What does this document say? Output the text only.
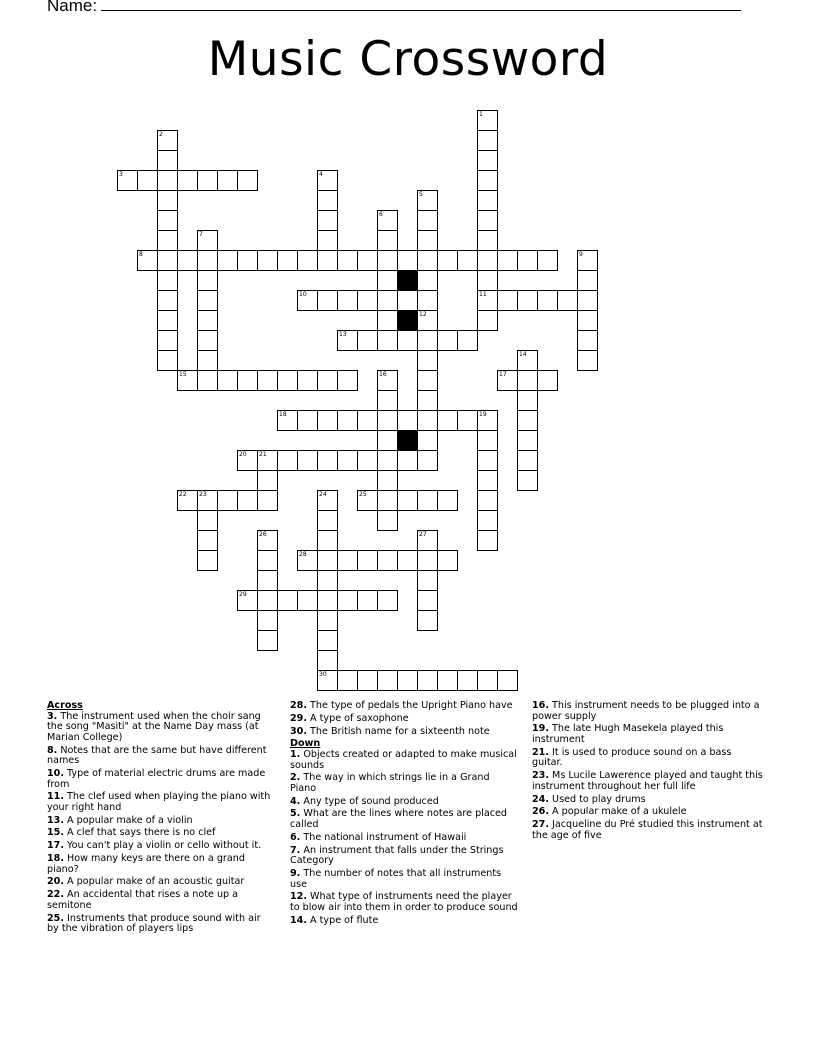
Name:
Music Crossword
2
3	4
5
12
6
7
1
8	9
10	11
13
14
15	16	17
18	19
20 21
22 23	24
30
25
26	27
28
29
Across
3. The instrument used when the choir sang the song "Masiti" at the Name Day mass (at Marian College)
8. Notes that are the same but have different names
10. Type of material electric drums are made from
11. The clef used when playing the piano with your right hand
13. A popular make of a violin
15. A clef that says there is no clef
17. You can't play a violin or cello without it.
18. How many keys are there on a grand piano?
20. A popular make of an acoustic guitar
22. An accidental that rises a note up a semitone
25. Instruments that produce sound with air by the vibration of players lips
28. The type of pedals the Upright Piano have
29. A type of saxophone
30. The British name for a sixteenth note
Down
1. Objects created or adapted to make musical sounds
2. The way in which strings lie in a Grand Piano
4. Any type of sound produced
5. What are the lines where notes are placed called
6. The national instrument of Hawaii
7. An instrument that falls under the Strings Category
9. The number of notes that all instruments use
12. What type of instruments need the player to blow air into them in order to produce sound
14. A type of flute
16. This instrument needs to be plugged into a power supply
19. The late Hugh Masekela played this instrument
21. It is used to produce sound on a bass guitar.
23. Ms Lucile Lawerence played and taught this instrument throughout her full life
24. Used to play drums
26. A popular make of a ukulele
27. Jacqueline du Pré studied this instrument at the age of five
